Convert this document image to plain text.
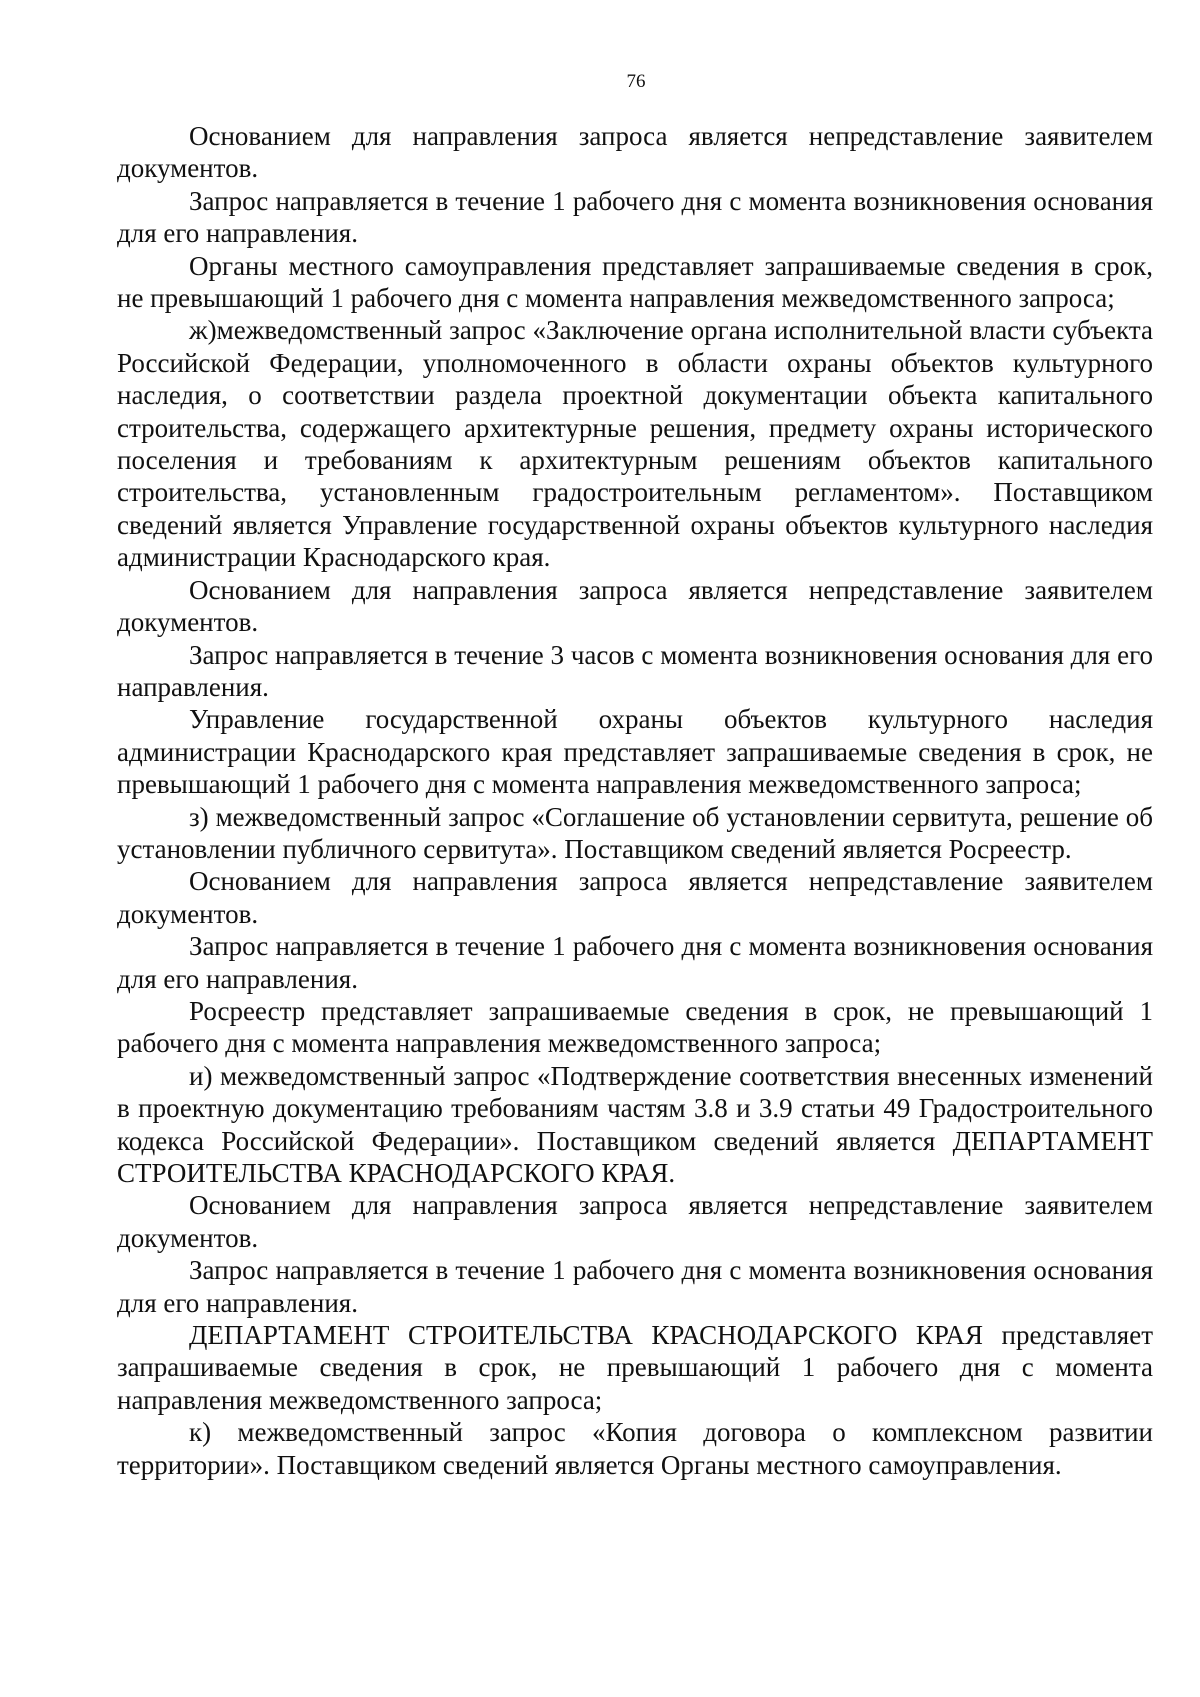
76

Основанием для направления запроса является непредставление заявителем документов.

Запрос направляется в течение 1 рабочего дня с момента возникновения основания для его направления.

Органы местного самоуправления представляет запрашиваемые сведения в срок, не превышающий 1 рабочего дня с момента направления межведомственного запроса;

ж)межведомственный запрос «Заключение органа исполнительной власти субъекта Российской Федерации, уполномоченного в области охраны объектов культурного наследия, о соответствии раздела проектной документации объекта капитального строительства, содержащего архитектурные решения, предмету охраны исторического поселения и требованиям к архитектурным решениям объектов капитального строительства, установленным градостроительным регламентом». Поставщиком сведений является Управление государственной охраны объектов культурного наследия администрации Краснодарского края.

Основанием для направления запроса является непредставление заявителем документов.

Запрос направляется в течение 3 часов с момента возникновения основания для его направления.

Управление государственной охраны объектов культурного наследия администрации Краснодарского края представляет запрашиваемые сведения в срок, не превышающий 1 рабочего дня с момента направления межведомственного запроса;

з) межведомственный запрос «Соглашение об установлении сервитута, решение об установлении публичного сервитута». Поставщиком сведений является Росреестр.

Основанием для направления запроса является непредставление заявителем документов.

Запрос направляется в течение 1 рабочего дня с момента возникновения основания для его направления.

Росреестр представляет запрашиваемые сведения в срок, не превышающий 1 рабочего дня с момента направления межведомственного запроса;

и) межведомственный запрос «Подтверждение соответствия внесенных изменений в проектную документацию требованиям частям 3.8 и 3.9 статьи 49 Градостроительного кодекса Российской Федерации». Поставщиком сведений является ДЕПАРТАМЕНТ СТРОИТЕЛЬСТВА КРАСНОДАРСКОГО КРАЯ.

Основанием для направления запроса является непредставление заявителем документов.

Запрос направляется в течение 1 рабочего дня с момента возникновения основания для его направления.

ДЕПАРТАМЕНТ СТРОИТЕЛЬСТВА КРАСНОДАРСКОГО КРАЯ представляет запрашиваемые сведения в срок, не превышающий 1 рабочего дня с момента направления межведомственного запроса;

к) межведомственный запрос «Копия договора о комплексном развитии территории». Поставщиком сведений является Органы местного самоуправления.
